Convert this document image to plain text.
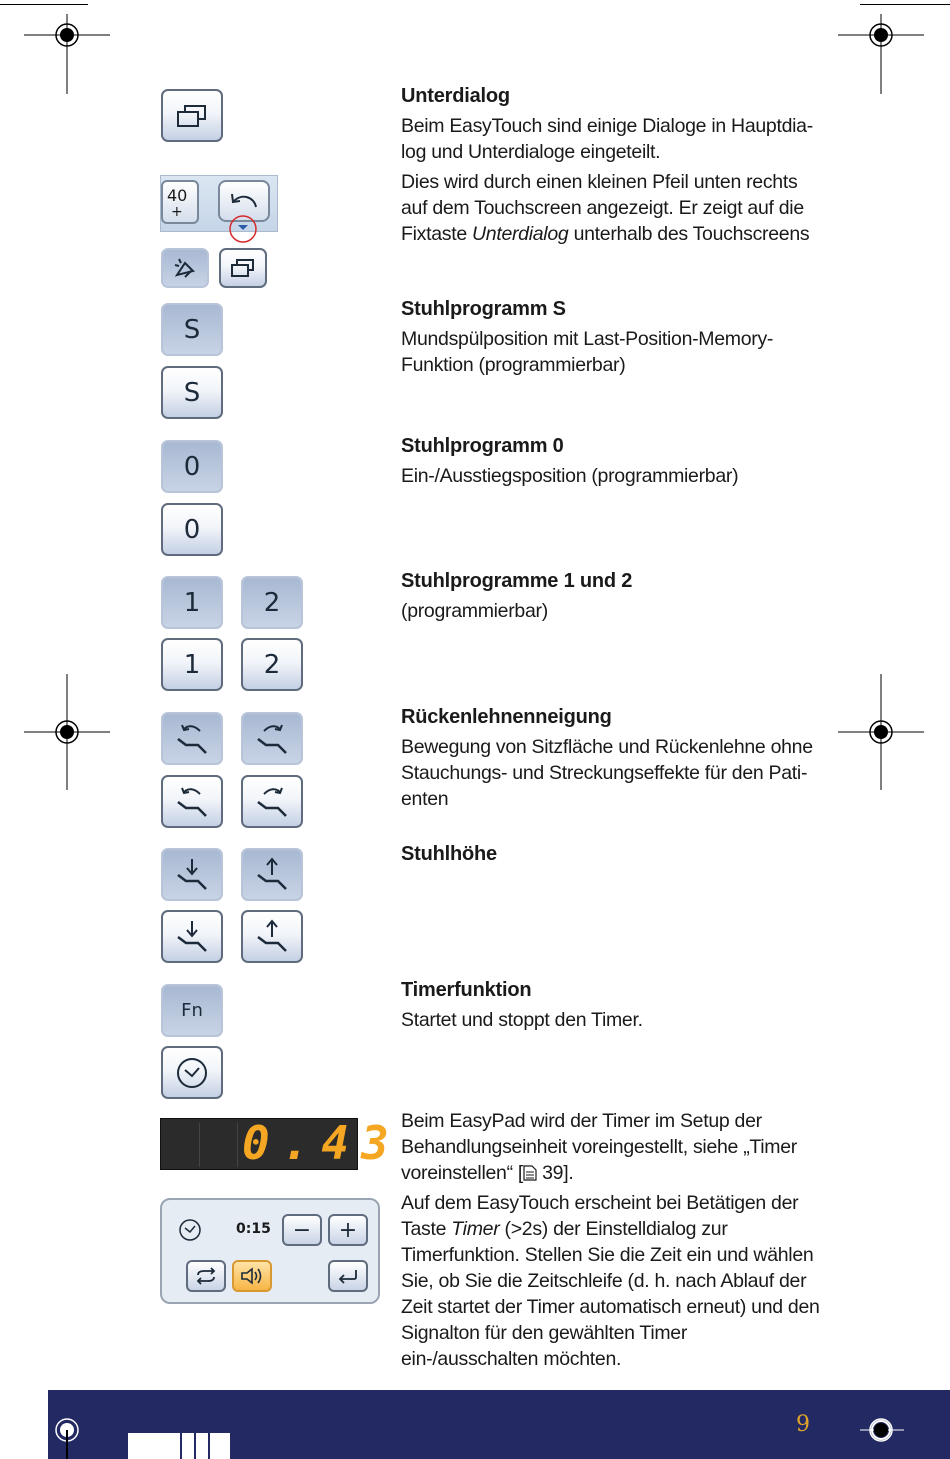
40
+
S
S
0
0
1	2
1	2
Fn
0.43
0:15 −	+

Unterdialog

Beim EasyTouch sind einige Dialoge in Hauptdialog und Unterdialoge eingeteilt.

Dies wird durch einen kleinen Pfeil unten rechts auf dem Touchscreen angezeigt. Er zeigt auf die Fixtaste Unterdialog unterhalb des Touchscreens

Stuhlprogramm S

Mundspülposition mit Last-Position-Memory-Funktion (programmierbar)

Stuhlprogramm 0

Ein-/Ausstiegsposition (programmierbar)

Stuhlprogramme 1 und 2

(programmierbar)

Rückenlehnenneigung

Bewegung von Sitzfläche und Rückenlehne ohne Stauchungs- und Streckungseffekte für den Patienten

Stuhlhöhe

Timerfunktion

Startet und stoppt den Timer.

Beim EasyPad wird der Timer im Setup der Behandlungseinheit voreingestellt, siehe „Timer voreinstellen“ [ 39].

Auf dem EasyTouch erscheint bei Betätigen der Taste Timer (>2s) der Einstelldialog zur Timerfunktion. Stellen Sie die Zeit ein und wählen Sie, ob Sie die Zeitschleife (d. h. nach Ablauf der Zeit startet der Timer automatisch erneut) und den Signalton für den gewählten Timer ein-/ausschalten möchten.

9
